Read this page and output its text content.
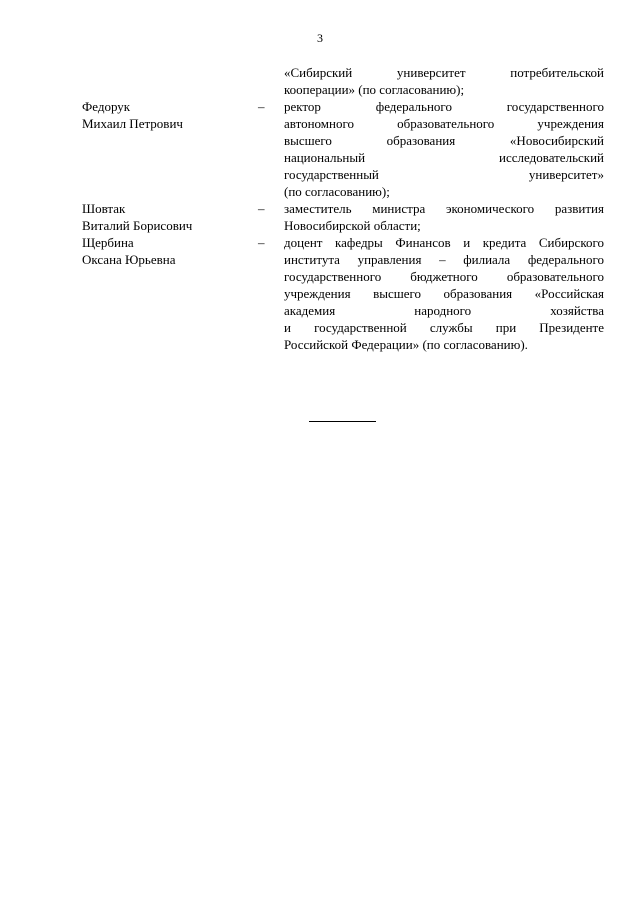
3
«Сибирский университет потребительской
кооперации» (по согласованию);
Федорук
Михаил Петрович
–	ректор федерального государственного
автономного образовательного учреждения
высшего образования «Новосибирский
национальный исследовательский
государственный университет»
(по согласованию);
Шовтак
Виталий Борисович
–	заместитель министра экономического развития
Новосибирской области;
Щербина
Оксана Юрьевна
–	доцент кафедры Финансов и кредита Сибирского
института управления – филиала федерального
государственного бюджетного образовательного
учреждения высшего образования «Российская
академия народного хозяйства
и государственной службы при Президенте
Российской Федерации» (по согласованию).
